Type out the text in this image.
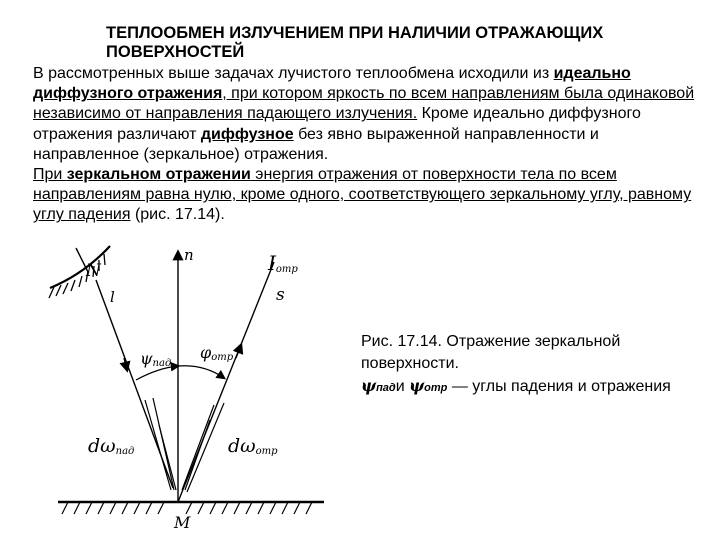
ТЕПЛООБМЕН ИЗЛУЧЕНИЕМ ПРИ НАЛИЧИИ ОТРАЖАЮЩИХ ПОВЕРХНОСТЕЙ
В рассмотренных выше задачах лучистого теплообмена исходили из идеально диффузного отражения, при котором яркость по всем направлениям была одинаковой независимо от направления падающего излучения. Кроме идеально диффузного отражения различают диффузное без явно выраженной направленности и направленное (зеркальное) отражения.
При зеркальном отражении энергия отражения от поверхности тела по всем направлениям равна нулю, кроме одного, соответствующего зеркальному углу, равному углу падения (рис. 17.14).
N
n
l
Iотр
s
ψпад
φотр
dωпад	dωотр
M
Рис. 17.14. Отражение зеркальной поверхности.
ψпади ψотр — углы падения и отражения
